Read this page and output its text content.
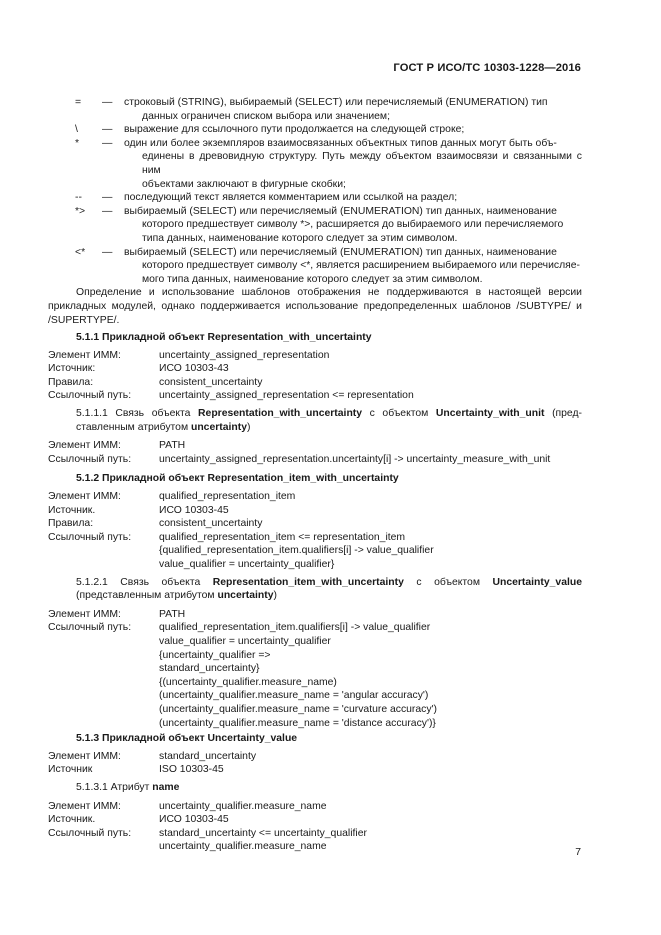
ГОСТ Р ИСО/ТС 10303-1228—2016
=	—	строковый (STRING), выбираемый (SELECT) или перечисляемый (ENUMERATION) тип
данных ограничен списком выбора или значением;
\	—	выражение для ссылочного пути продолжается на следующей строке;
*	—	один или более экземпляров взаимосвязанных объектных типов данных могут быть объ-
единены в древовидную структуру. Путь между объектом взаимосвязи и связанными с ним
объектами заключают в фигурные скобки;
--	—	последующий текст является комментарием или ссылкой на раздел;
*>	—	выбираемый (SELECT) или перечисляемый (ENUMERATION) тип данных, наименование
которого предшествует символу *>, расширяется до выбираемого или перечисляемого
типа данных, наименование которого следует за этим символом.
<*	—	выбираемый (SELECT) или перечисляемый (ENUMERATION) тип данных, наименование
которого предшествует символу <*, является расширением выбираемого или перечисляе-
мого типа данных, наименование которого следует за этим символом.
Определение и использование шаблонов отображения не поддерживаются в настоящей версии прикладных модулей, однако поддерживается использование предопределенных шаблонов /SUBTYPE/ и /SUPERTYPE/.
5.1.1 Прикладной объект Representation_with_uncertainty
Элемент ИММ:	uncertainty_assigned_representation
Источник:	ИСО 10303-43
Правила:	consistent_uncertainty
Ссылочный путь:	uncertainty_assigned_representation <= representation
5.1.1.1 Связь объекта Representation_with_uncertainty с объектом Uncertainty_with_unit (пред-ставленным атрибутом uncertainty)
Элемент ИММ:	PATH
Ссылочный путь:	uncertainty_assigned_representation.uncertainty[i] -> uncertainty_measure_with_unit
5.1.2 Прикладной объект Representation_item_with_uncertainty
Элемент ИММ:	qualified_representation_item
Источник.	ИСО 10303-45
Правила:	consistent_uncertainty
Ссылочный путь:	qualified_representation_item <= representation_item
{qualified_representation_item.qualifiers[i] -> value_qualifier
value_qualifier = uncertainty_qualifier}
5.1.2.1 Связь объекта Representation_item_with_uncertainty с объектом Uncertainty_value (представленным атрибутом uncertainty)
Элемент ИММ:	PATH
Ссылочный путь:	qualified_representation_item.qualifiers[i] -> value_qualifier
value_qualifier = uncertainty_qualifier
{uncertainty_qualifier =>
standard_uncertainty}
{(uncertainty_qualifier.measure_name)
(uncertainty_qualifier.measure_name = 'angular accuracy')
(uncertainty_qualifier.measure_name = 'curvature accuracy')
(uncertainty_qualifier.measure_name = 'distance accuracy')}
5.1.3 Прикладной объект Uncertainty_value
Элемент ИММ:	standard_uncertainty
Источник	ISO 10303-45
5.1.3.1 Атрибут name
Элемент ИММ:	uncertainty_qualifier.measure_name
Источник.	ИСО 10303-45
Ссылочный путь:	standard_uncertainty <= uncertainty_qualifier
uncertainty_qualifier.measure_name
7
